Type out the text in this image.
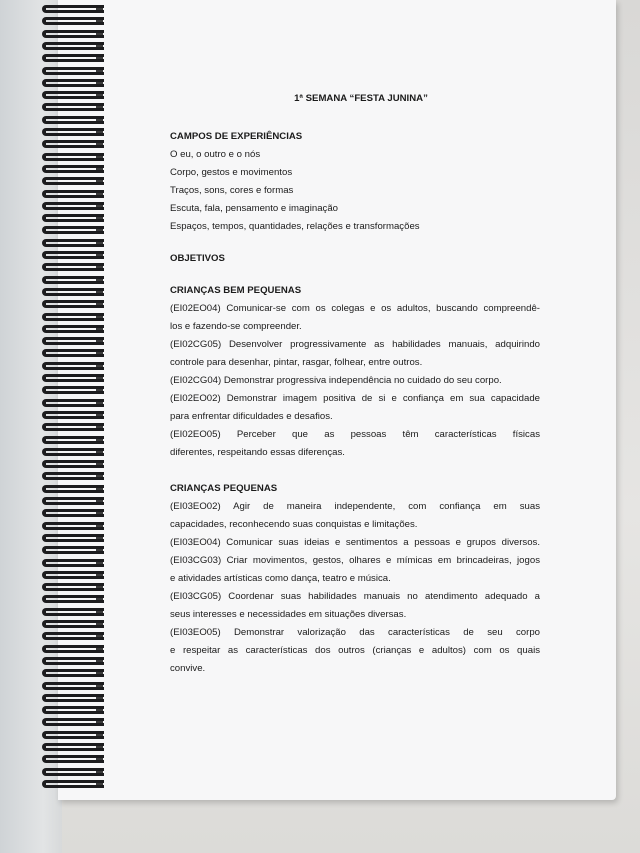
1ª SEMANA “FESTA JUNINA”
CAMPOS DE EXPERIÊNCIAS
O eu, o outro e o nós
Corpo, gestos e movimentos
Traços, sons, cores e formas
Escuta, fala, pensamento e imaginação
Espaços, tempos, quantidades, relações e transformações
OBJETIVOS
CRIANÇAS BEM PEQUENAS
(EI02EO04) Comunicar-se com os colegas e os adultos, buscando compreendê-
los e fazendo-se compreender.
(EI02CG05) Desenvolver progressivamente as habilidades manuais, adquirindo
controle para desenhar, pintar, rasgar, folhear, entre outros.
(EI02CG04) Demonstrar progressiva independência no cuidado do seu corpo.
(EI02EO02) Demonstrar imagem positiva de si e confiança em sua capacidade
para enfrentar dificuldades e desafios.
(EI02EO05) Perceber que as pessoas têm características físicas
diferentes, respeitando essas diferenças.
CRIANÇAS PEQUENAS
(EI03EO02) Agir de maneira independente, com confiança em suas
capacidades, reconhecendo suas conquistas e limitações.
(EI03EO04) Comunicar suas ideias e sentimentos a pessoas e grupos diversos.
(EI03CG03) Criar movimentos, gestos, olhares e mímicas em brincadeiras, jogos
e atividades artísticas como dança, teatro e música.
(EI03CG05) Coordenar suas habilidades manuais no atendimento adequado a
seus interesses e necessidades em situações diversas.
(EI03EO05) Demonstrar valorização das características de seu corpo
e respeitar as características dos outros (crianças e adultos) com os quais
convive.
